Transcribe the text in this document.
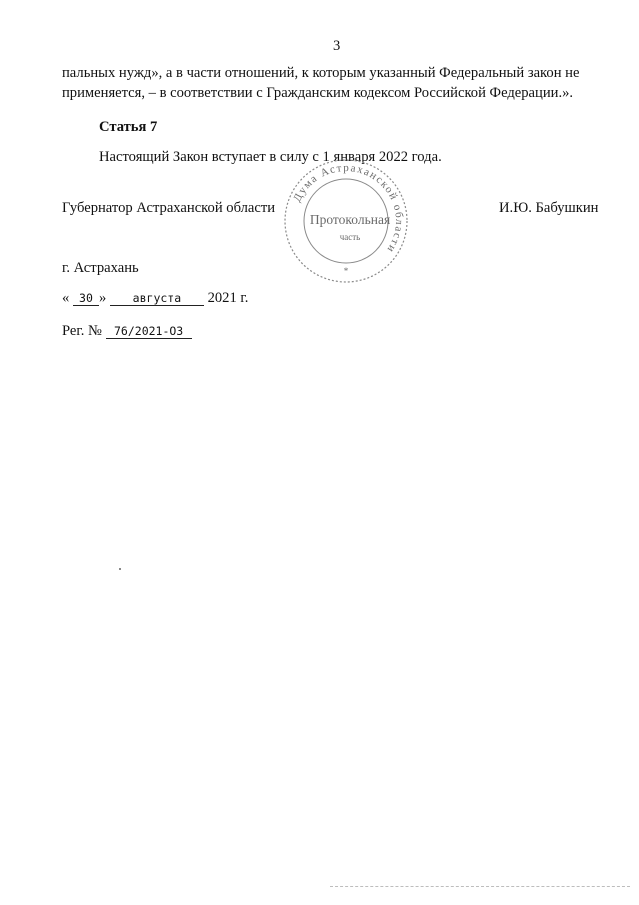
3
пальных нужд», а в части отношений, к которым указанный Федеральный закон не
применяется, – в соответствии с Гражданским кодексом Российской Федерации.».
Статья 7
Настоящий Закон вступает в силу с 1 января 2022 года.
Губернатор Астраханской области	И.Ю. Бабушкин
Дума Астраханской области
Протокольная
часть
*
г. Астрахань
« 30 » августа 2021 г.
Рег. № 76/2021-ОЗ
